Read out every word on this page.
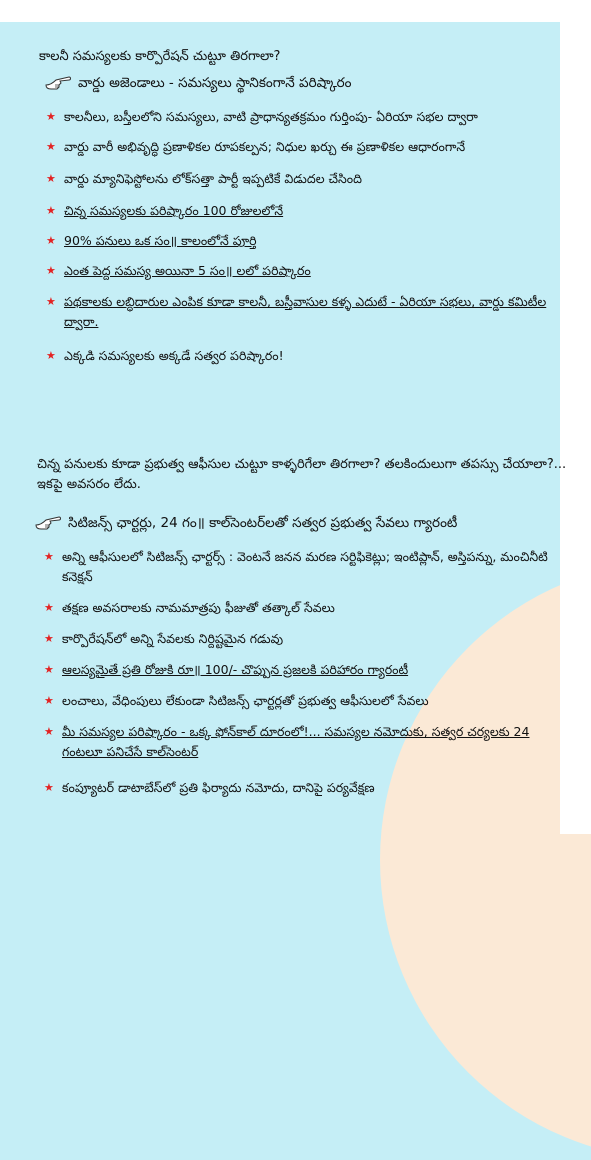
కాలనీ సమస్యలకు కార్పొరేషన్ చుట్టూ తిరగాలా?
వార్డు అజెండాలు - సమస్యలు స్థానికంగానే పరిష్కారం
★ కాలనీలు, బస్తీలలోని సమస్యలు, వాటి ప్రాధాన్యతక్రమం గుర్తింపు- ఏరియా సభల ద్వారా
★ వార్డు వారీ అభివృద్ధి ప్రణాళికల రూపకల్పన; నిధుల ఖర్చు ఈ ప్రణాళికల ఆధారంగానే
★ వార్డు మ్యానిఫెస్టోలను లోక్‌సత్తా పార్టీ ఇప్పటికే విడుదల చేసింది
★ చిన్న సమస్యలకు పరిష్కారం 100 రోజులలోనే
★ 90% పనులు ఒక సం॥ కాలంలోనే పూర్తి
★ ఎంత పెద్ద సమస్య అయినా 5 సం॥ లలో పరిష్కారం
★ పథకాలకు లబ్ధిదారుల ఎంపిక కూడా కాలనీ, బస్తీవాసుల కళ్ళ ఎదుటే - ఏరియా సభలు, వార్డు కమిటీల ద్వారా.
★ ఎక్కడి సమస్యలకు అక్కడే సత్వర పరిష్కారం!
చిన్న పనులకు కూడా ప్రభుత్వ ఆఫీసుల చుట్టూ కాళ్ళరిగేలా తిరగాలా? తలకిందులుగా తపస్సు చేయాలా?... ఇకపై అవసరం లేదు.
సిటిజన్స్ ఛార్టర్లు, 24 గం॥ కాల్‌సెంటర్‌లతో సత్వర ప్రభుత్వ సేవలు గ్యారంటీ
★ అన్ని ఆఫీసులలో సిటిజన్స్ ఛార్టర్స్ : వెంటనే జనన మరణ సర్టిఫికెట్లు; ఇంటిప్లాన్, అస్తిపన్ను, మంచినీటి కనెక్షన్
★ తక్షణ అవసరాలకు నామమాత్రపు ఫీజుతో తత్కాల్ సేవలు
★ కార్పొరేషన్‌లో అన్ని సేవలకు నిర్దిష్టమైన గడువు
★ ఆలస్యమైతే ప్రతి రోజుకి రూ॥ 100/- చొప్పున ప్రజలకి పరిహారం గ్యారంటీ
★ లంచాలు, వేధింపులు లేకుండా సిటిజన్స్ ఛార్టర్లతో ప్రభుత్వ ఆఫీసులలో సేవలు
★ మీ సమస్యల పరిష్కారం - ఒక్క ఫోన్‌కాల్ దూరంలో!... సమస్యల నమోదుకు, సత్వర చర్యలకు 24 గంటలూ పనిచేసే కాల్‌సెంటర్
★ కంప్యూటర్ డాటాబేస్‌లో ప్రతి ఫిర్యాదు నమోదు, దానిపై పర్యవేక్షణ
